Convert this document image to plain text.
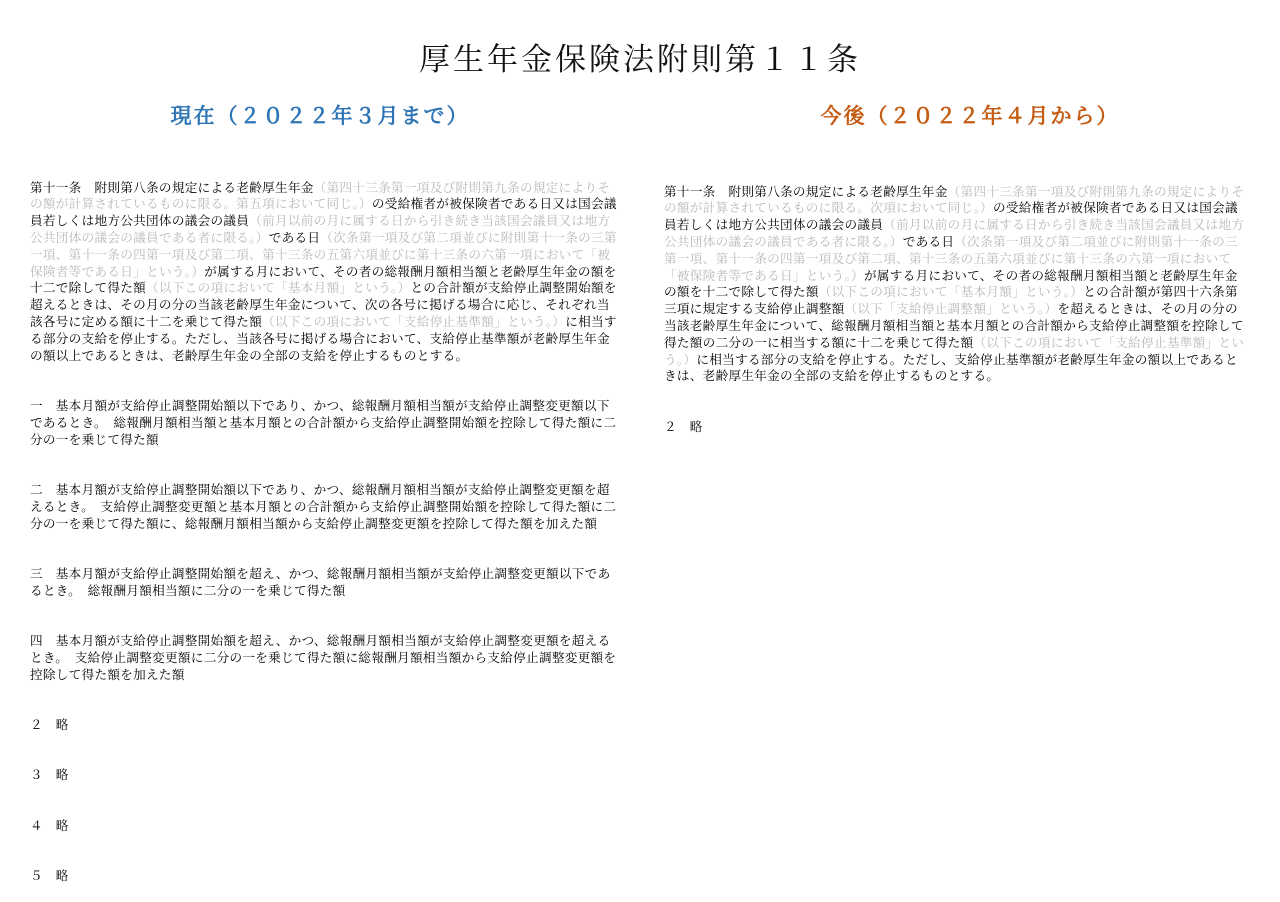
厚生年金保険法附則第１１条
現在（２０２２年３月まで）	今後（２０２２年４月から）

第十一条　附則第八条の規定による老齢厚生年金（第四十三条第一項及び附則第九条の規定によりその額が計算されているものに限る。第五項において同じ。）の受給権者が被保険者である日又は国会議員若しくは地方公共団体の議会の議員（前月以前の月に属する日から引き続き当該国会議員又は地方公共団体の議会の議員である者に限る。）である日（次条第一項及び第二項並びに附則第十一条の三第一項、第十一条の四第一項及び第二項、第十三条の五第六項並びに第十三条の六第一項において「被保険者等である日」という。）が属する月において、その者の総報酬月額相当額と老齢厚生年金の額を十二で除して得た額（以下この項において「基本月額」という。）との合計額が支給停止調整開始額を超えるときは、その月の分の当該老齢厚生年金について、次の各号に掲げる場合に応じ、それぞれ当該各号に定める額に十二を乗じて得た額（以下この項において「支給停止基準額」という。）に相当する部分の支給を停止する。ただし、当該各号に掲げる場合において、支給停止基準額が老齢厚生年金の額以上であるときは、老齢厚生年金の全部の支給を停止するものとする。

一　基本月額が支給停止調整開始額以下であり、かつ、総報酬月額相当額が支給停止調整変更額以下であるとき。　総報酬月額相当額と基本月額との合計額から支給停止調整開始額を控除して得た額に二分の一を乗じて得た額

二　基本月額が支給停止調整開始額以下であり、かつ、総報酬月額相当額が支給停止調整変更額を超えるとき。　支給停止調整変更額と基本月額との合計額から支給停止調整開始額を控除して得た額に二分の一を乗じて得た額に、総報酬月額相当額から支給停止調整変更額を控除して得た額を加えた額

三　基本月額が支給停止調整開始額を超え、かつ、総報酬月額相当額が支給停止調整変更額以下であるとき。　総報酬月額相当額に二分の一を乗じて得た額

四　基本月額が支給停止調整開始額を超え、かつ、総報酬月額相当額が支給停止調整変更額を超えるとき。　支給停止調整変更額に二分の一を乗じて得た額に総報酬月額相当額から支給停止調整変更額を控除して得た額を加えた額

２　略

３　略

４　略

５　略

第十一条　附則第八条の規定による老齢厚生年金（第四十三条第一項及び附則第九条の規定によりその額が計算されているものに限る。次項において同じ。）の受給権者が被保険者である日又は国会議員若しくは地方公共団体の議会の議員（前月以前の月に属する日から引き続き当該国会議員又は地方公共団体の議会の議員である者に限る。）である日（次条第一項及び第二項並びに附則第十一条の三第一項、第十一条の四第一項及び第二項、第十三条の五第六項並びに第十三条の六第一項において「被保険者等である日」という。）が属する月において、その者の総報酬月額相当額と老齢厚生年金の額を十二で除して得た額（以下この項において「基本月額」という。）との合計額が第四十六条第三項に規定する支給停止調整額（以下「支給停止調整額」という。）を超えるときは、その月の分の当該老齢厚生年金について、総報酬月額相当額と基本月額との合計額から支給停止調整額を控除して得た額の二分の一に相当する額に十二を乗じて得た額（以下この項において「支給停止基準額」という。）に相当する部分の支給を停止する。ただし、支給停止基準額が老齢厚生年金の額以上であるときは、老齢厚生年金の全部の支給を停止するものとする。

２　略
